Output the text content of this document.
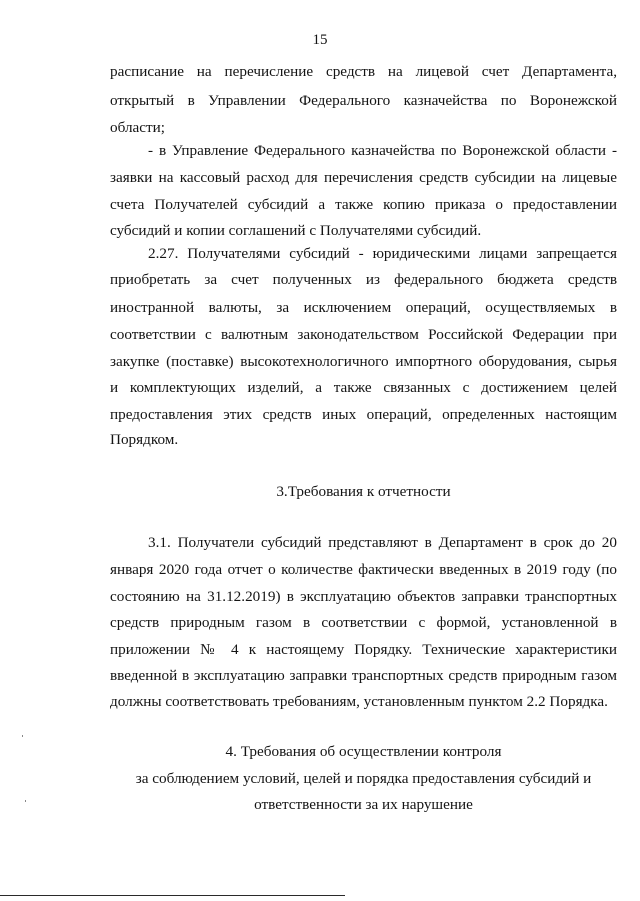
15
расписание на перечисление средств на лицевой счет Департамента,
открытый в Управлении Федерального казначейства по Воронежской
области;
- в Управление Федерального казначейства по Воронежской области -
заявки на кассовый расход для перечисления средств субсидии на лицевые
счета Получателей субсидий а также копию приказа о предоставлении
субсидий и копии соглашений с Получателями субсидий.
2.27. Получателями субсидий - юридическими лицами запрещается
приобретать за счет полученных из федерального бюджета средств
иностранной валюты, за исключением операций, осуществляемых в
соответствии с валютным законодательством Российской Федерации при
закупке (поставке) высокотехнологичного импортного оборудования, сырья
и комплектующих изделий, а также связанных с достижением целей
предоставления этих средств иных операций, определенных настоящим
Порядком.
3.Требования к отчетности
3.1. Получатели субсидий представляют в Департамент в срок до 20
января 2020 года отчет о количестве фактически введенных в 2019 году (по
состоянию на 31.12.2019) в эксплуатацию объектов заправки транспортных
средств природным газом в соответствии с формой, установленной в
приложении № 4 к настоящему Порядку. Технические характеристики
введенной в эксплуатацию заправки транспортных средств природным газом
должны соответствовать требованиям, установленным пунктом 2.2 Порядка.
4. Требования об осуществлении контроля
за соблюдением условий, целей и порядка предоставления субсидий и
ответственности за их нарушение
